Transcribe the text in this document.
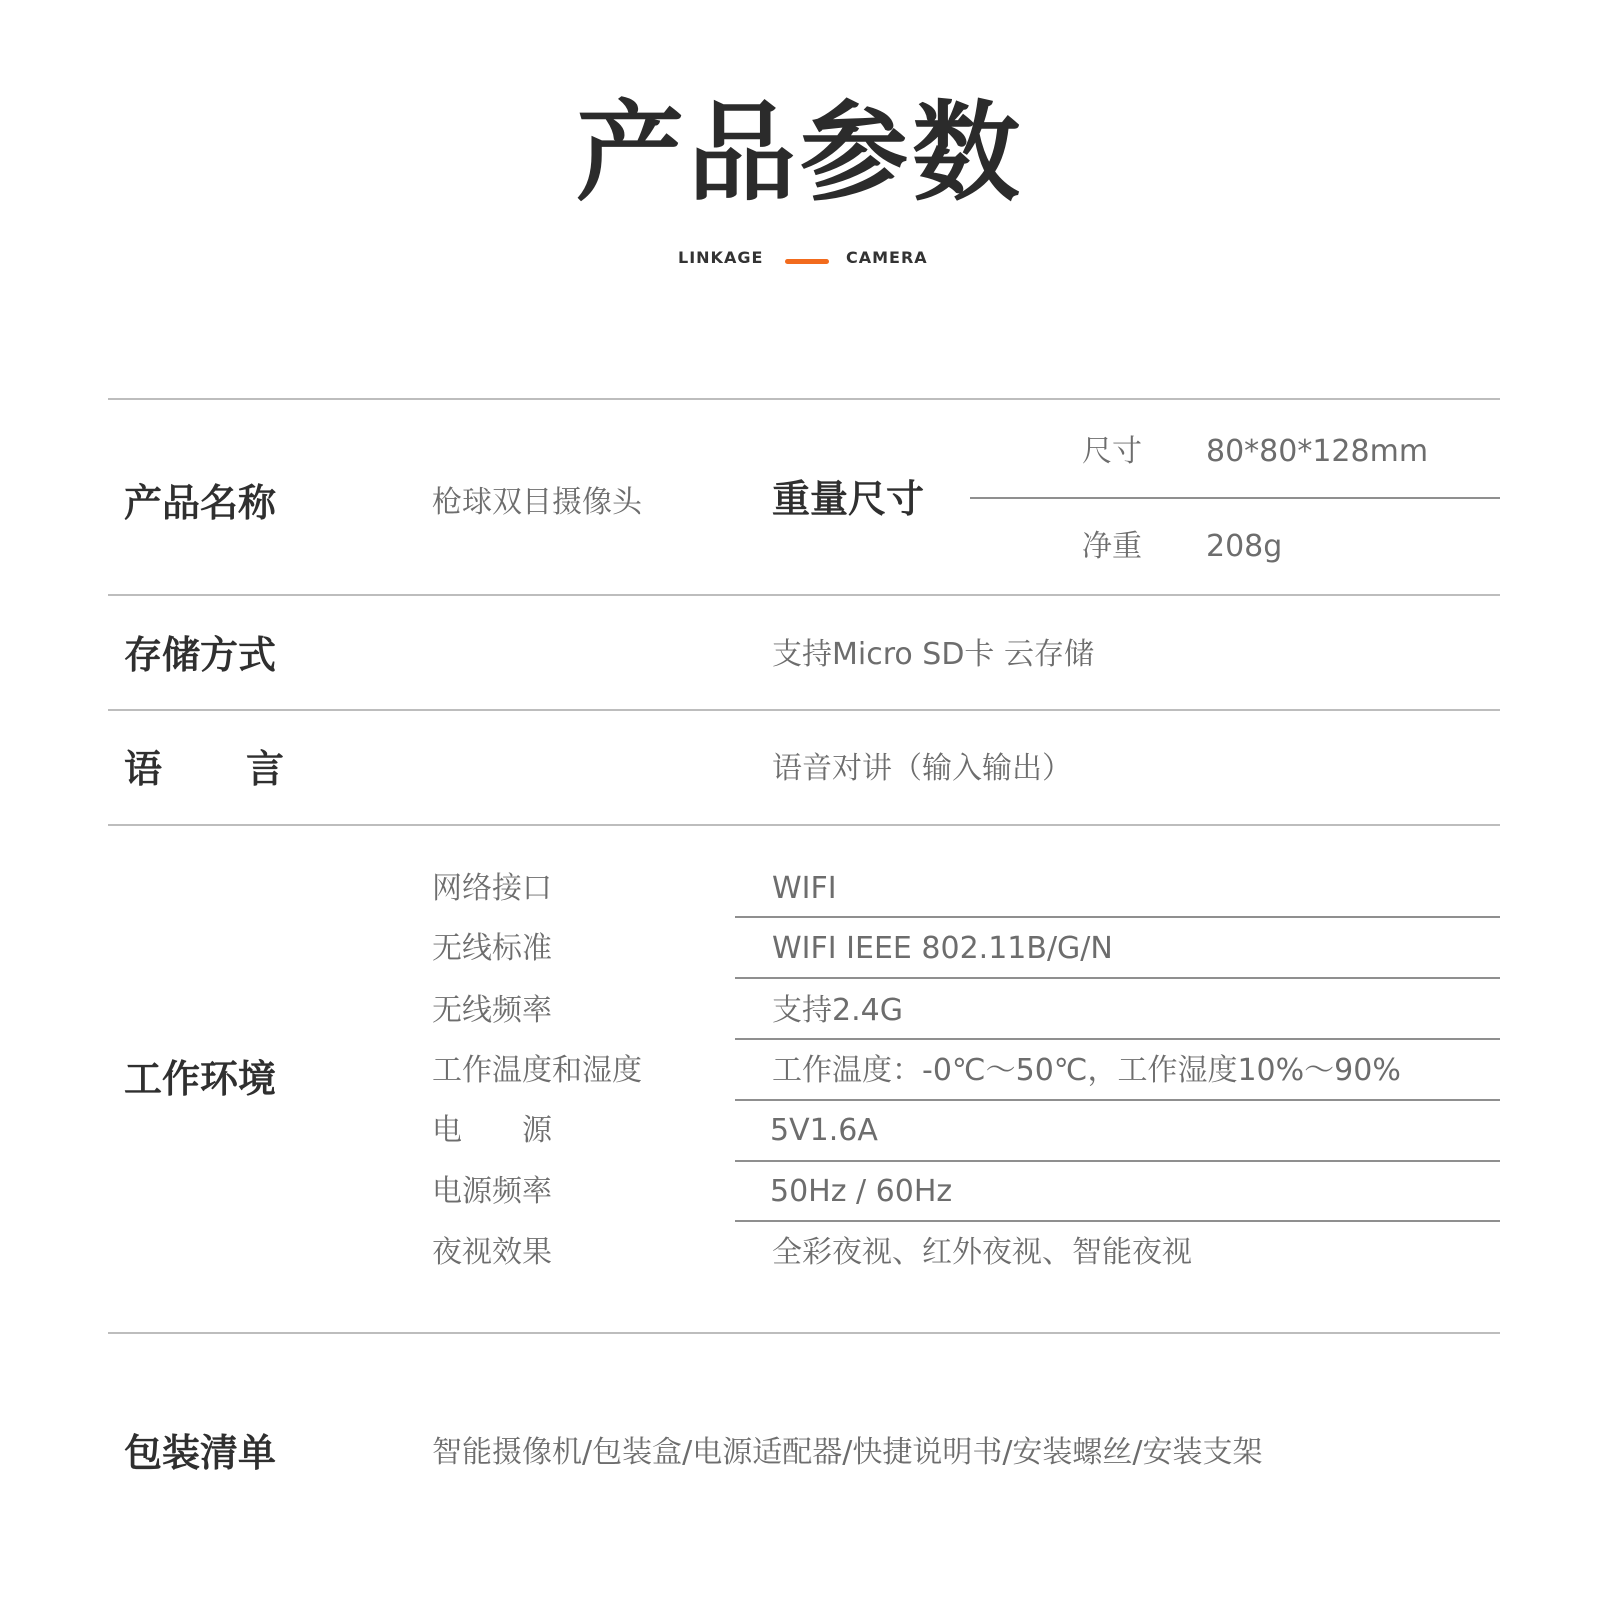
产品参数
LINKAGE	CAMERA
产品名称	枪球双目摄像头	重量尺寸
尺寸 80*80*128mm
净重 208g
存储方式	支持Micro SD卡 云存储
语 言	语音对讲（输入输出）
工作环境
网络接口	WIFI
无线标准	WIFI IEEE 802.11B/G/N
无线频率	支持2.4G
工作温度和湿度	工作温度：-0℃～50℃，工作湿度10%～90%
电 源	5V1.6A
电源频率	50Hz / 60Hz
夜视效果	全彩夜视、红外夜视、智能夜视
包装清单	智能摄像机/包装盒/电源适配器/快捷说明书/安装螺丝/安装支架
